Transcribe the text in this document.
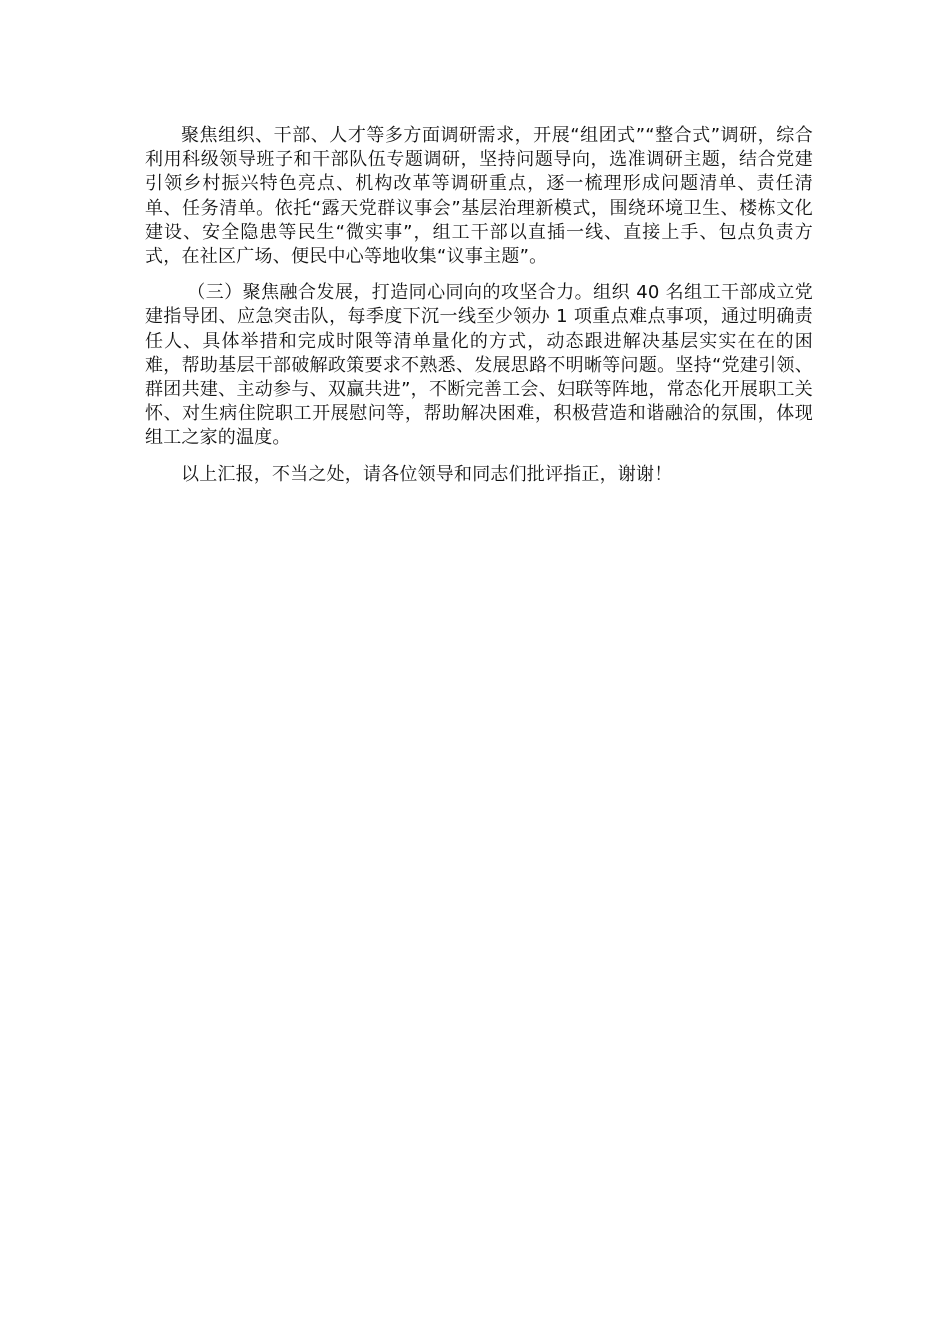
聚焦组织、干部、人才等多方面调研需求，开展“组团式”“整合式”调研，综合利用科级领导班子和干部队伍专题调研，坚持问题导向，选准调研主题，结合党建引领乡村振兴特色亮点、机构改革等调研重点，逐一梳理形成问题清单、责任清单、任务清单。依托“露天党群议事会”基层治理新模式，围绕环境卫生、楼栋文化建设、安全隐患等民生“微实事”，组工干部以直插一线、直接上手、包点负责方式，在社区广场、便民中心等地收集“议事主题”。

（三）聚焦融合发展，打造同心同向的攻坚合力。组织 40 名组工干部成立党建指导团、应急突击队，每季度下沉一线至少领办 1 项重点难点事项，通过明确责任人、具体举措和完成时限等清单量化的方式，动态跟进解决基层实实在在的困难，帮助基层干部破解政策要求不熟悉、发展思路不明晰等问题。坚持“党建引领、群团共建、主动参与、双赢共进”，不断完善工会、妇联等阵地，常态化开展职工关怀、对生病住院职工开展慰问等，帮助解决困难，积极营造和谐融洽的氛围，体现组工之家的温度。

以上汇报，不当之处，请各位领导和同志们批评指正，谢谢！
